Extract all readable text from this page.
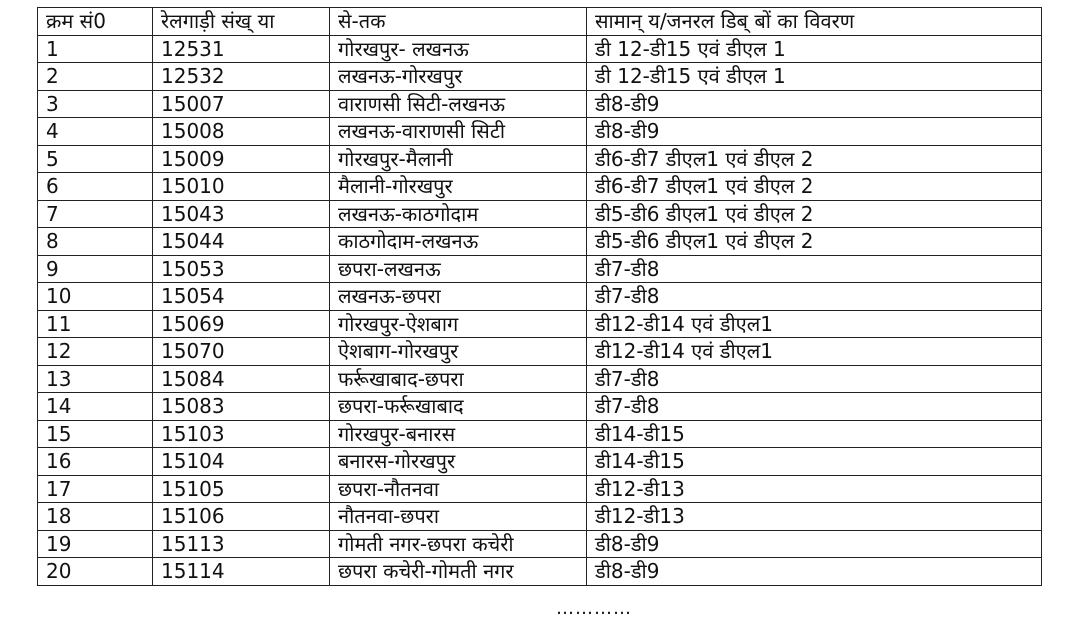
क्रम सं0	रेलगाड़ी संख् या	से-तक	सामान् य/जनरल डिब् बों का विवरण
1	12531	गोरखपुर- लखनऊ	डी 12-डी15 एवं डीएल 1
2	12532	लखनऊ-गोरखपुर	डी 12-डी15 एवं डीएल 1
3	15007	वाराणसी सिटी-लखनऊ	डी8-डी9
4	15008	लखनऊ-वाराणसी सिटी	डी8-डी9
5	15009	गोरखपुर-मैलानी	डी6-डी7 डीएल1 एवं डीएल 2
6	15010	मैलानी-गोरखपुर	डी6-डी7 डीएल1 एवं डीएल 2
7	15043	लखनऊ-काठगोदाम	डी5-डी6 डीएल1 एवं डीएल 2
8	15044	काठगोदाम-लखनऊ	डी5-डी6 डीएल1 एवं डीएल 2
9	15053	छपरा-लखनऊ	डी7-डी8
10	15054	लखनऊ-छपरा	डी7-डी8
11	15069	गोरखपुर-ऐशबाग	डी12-डी14 एवं डीएल1
12	15070	ऐशबाग-गोरखपुर	डी12-डी14 एवं डीएल1
13	15084	फर्रूखाबाद-छपरा	डी7-डी8
14	15083	छपरा-फर्रूखाबाद	डी7-डी8
15	15103	गोरखपुर-बनारस	डी14-डी15
16	15104	बनारस-गोरखपुर	डी14-डी15
17	15105	छपरा-नौतनवा	डी12-डी13
18	15106	नौतनवा-छपरा	डी12-डी13
19	15113	गोमती नगर-छपरा कचेरी	डी8-डी9
20	15114	छपरा कचेरी-गोमती नगर	डी8-डी9
…………
